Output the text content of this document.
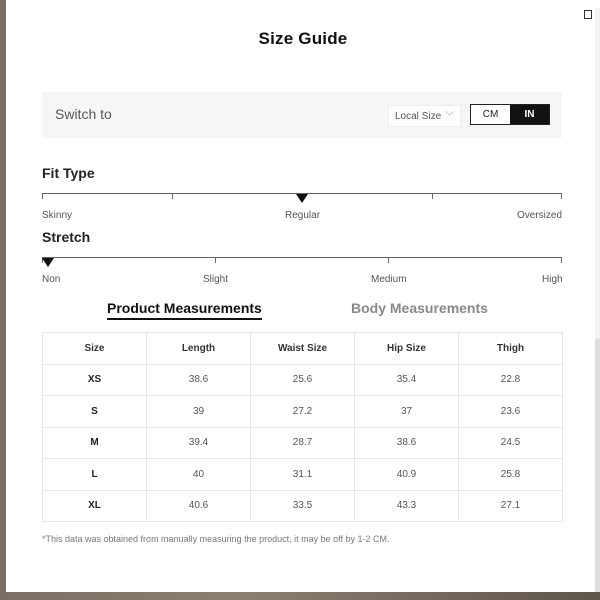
Size Guide
Switch to	Local Size ﹀	CM	IN
Fit Type
Skinny	Regular	Oversized
Stretch
Non	Slight	Medium	High
Product Measurements	Body Measurements
Size	Length	Waist Size	Hip Size	Thigh
XS	38.6	25.6	35.4	22.8
S	39	27.2	37	23.6
M	39.4	28.7	38.6	24.5
L	40	31.1	40.9	25.8
XL	40.6	33.5	43.3	27.1
*This data was obtained from manually measuring the product, it may be off by 1-2 CM.
